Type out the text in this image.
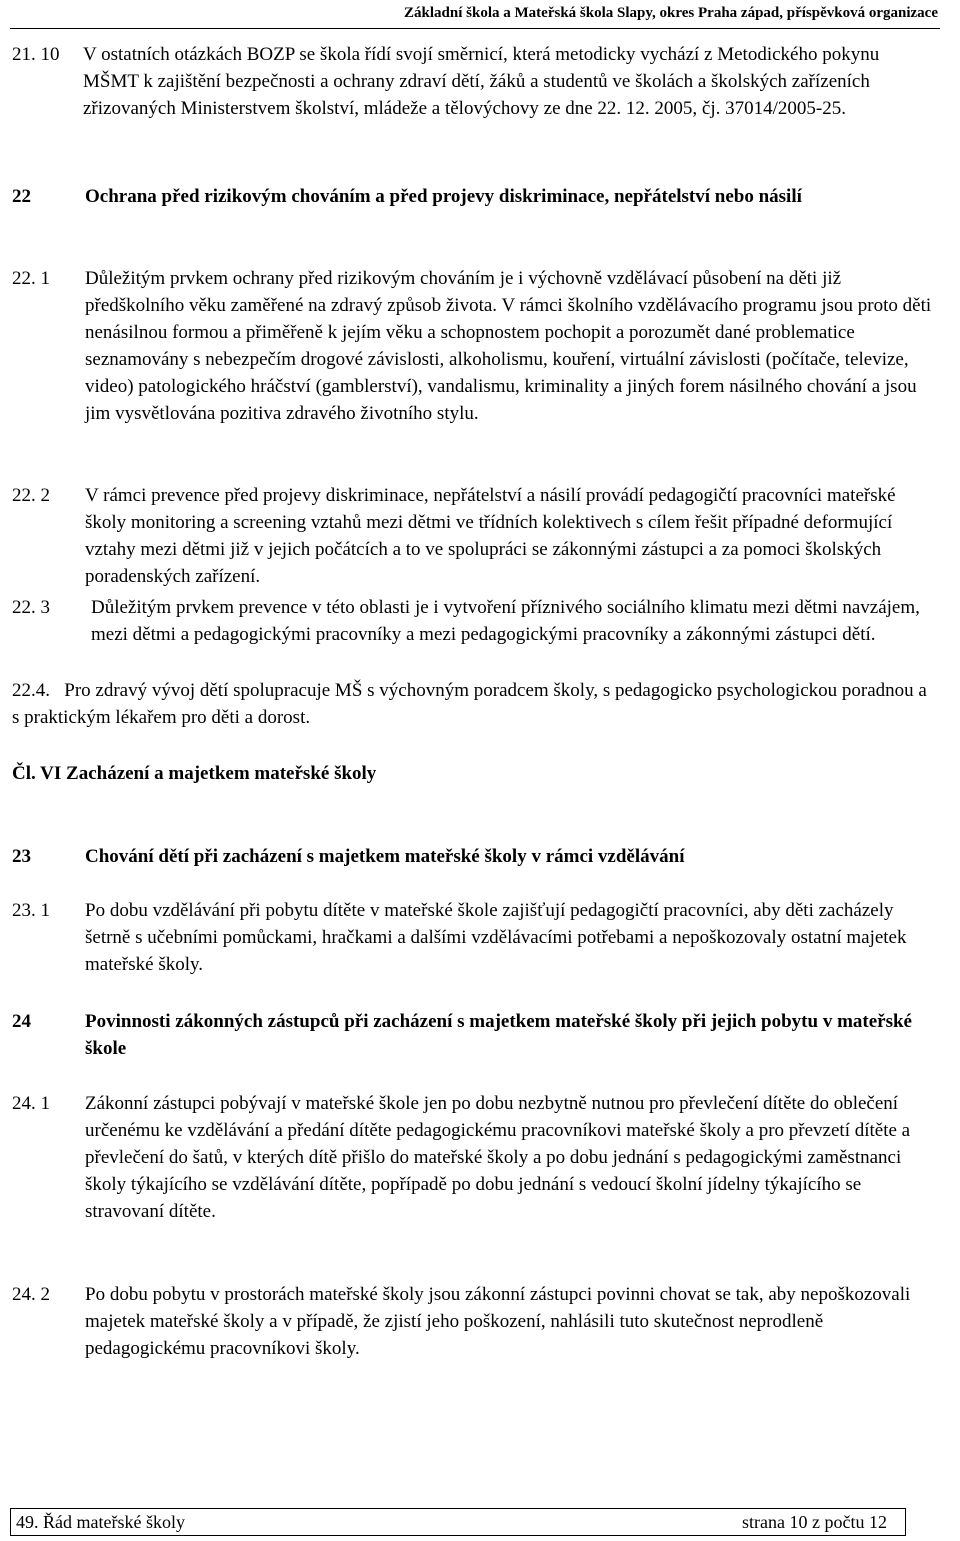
Základní škola a Mateřská škola Slapy, okres Praha západ, příspěvková organizace
21. 10 V ostatních otázkách BOZP se škola řídí svojí směrnicí, která metodicky vychází z Metodického pokynu MŠMT k zajištění bezpečnosti a ochrany zdraví dětí, žáků a studentů ve školách a školských zařízeních zřizovaných Ministerstvem školství, mládeže a tělovýchovy ze dne 22. 12. 2005, čj. 37014/2005-25.
22	Ochrana před rizikovým chováním a před projevy diskriminace, nepřátelství nebo násilí
22. 1 Důležitým prvkem ochrany před rizikovým chováním je i výchovně vzdělávací působení na děti již předškolního věku zaměřené na zdravý způsob života. V rámci školního vzdělávacího programu jsou proto děti nenásilnou formou a přiměřeně k jejím věku a schopnostem pochopit a porozumět dané problematice seznamovány s nebezpečím drogové závislosti, alkoholismu, kouření, virtuální závislosti (počítače, televize, video) patologického hráčství (gamblerství), vandalismu, kriminality a jiných forem násilného chování a jsou jim vysvětlována pozitiva zdravého životního stylu.
22. 2 V rámci prevence před projevy diskriminace, nepřátelství a násilí provádí pedagogičtí pracovníci mateřské školy monitoring a screening vztahů mezi dětmi ve třídních kolektivech s cílem řešit případné deformující vztahy mezi dětmi již v jejich počátcích a to ve spolupráci se zákonnými zástupci a za pomoci školských poradenských zařízení.
22. 3 Důležitým prvkem prevence v této oblasti je i vytvoření příznivého sociálního klimatu mezi dětmi navzájem, mezi dětmi a pedagogickými pracovníky a mezi pedagogickými pracovníky a zákonnými zástupci dětí.
22.4. Pro zdravý vývoj dětí spolupracuje MŠ s výchovným poradcem školy, s pedagogicko psychologickou poradnou a s praktickým lékařem pro děti a dorost.
Čl. VI Zacházení a majetkem mateřské školy
23	Chování dětí při zacházení s majetkem mateřské školy v rámci vzdělávání
23. 1 Po dobu vzdělávání při pobytu dítěte v mateřské škole zajišťují pedagogičtí pracovníci, aby děti zacházely šetrně s učebními pomůckami, hračkami a dalšími vzdělávacími potřebami a nepoškozovaly ostatní majetek mateřské školy.
24	Povinnosti zákonných zástupců při zacházení s majetkem mateřské školy při jejich pobytu v mateřské škole
24. 1 Zákonní zástupci pobývají v mateřské škole jen po dobu nezbytně nutnou pro převlečení dítěte do oblečení určenému ke vzdělávání a předání dítěte pedagogickému pracovníkovi mateřské školy a pro převzetí dítěte a převlečení do šatů, v kterých dítě přišlo do mateřské školy a po dobu jednání s pedagogickými zaměstnanci školy týkajícího se vzdělávání dítěte, popřípadě po dobu jednání s vedoucí školní jídelny týkajícího se stravovaní dítěte.
24. 2 Po dobu pobytu v prostorách mateřské školy jsou zákonní zástupci povinni chovat se tak, aby nepoškozovali majetek mateřské školy a v případě, že zjistí jeho poškození, nahlásili tuto skutečnost neprodleně pedagogickému pracovníkovi školy.
49. Řád mateřské školy	strana 10 z počtu 12
